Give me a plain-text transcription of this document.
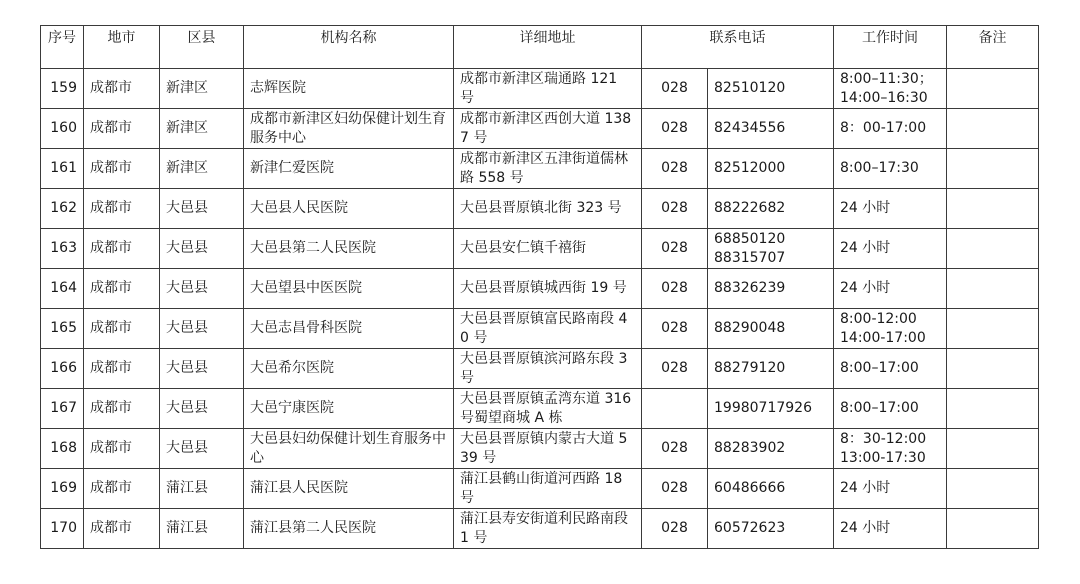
序号	地市	区县	机构名称	详细地址	联系电话		工作时间	备注
159	成都市	新津区	志辉医院	成都市新津区瑞通路 121 号	028	82510120	8:00–11:30；
14:00–16:30	
160	成都市	新津区	成都市新津区妇幼保健计划生育服务中心	成都市新津区西创大道 1387 号	028	82434556	8：00-17:00	
161	成都市	新津区	新津仁爱医院	成都市新津区五津街道儒林路 558 号	028	82512000	8:00–17:30	
162	成都市	大邑县	大邑县人民医院	大邑县晋原镇北街 323 号	028	88222682	24 小时	
163	成都市	大邑县	大邑县第二人民医院	大邑县安仁镇千禧街	028	68850120
88315707	24 小时	
164	成都市	大邑县	大邑望县中医医院	大邑县晋原镇城西街 19 号	028	88326239	24 小时	
165	成都市	大邑县	大邑志昌骨科医院	大邑县晋原镇富民路南段 40 号	028	88290048	8:00-12:00
14:00-17:00	
166	成都市	大邑县	大邑希尔医院	大邑县晋原镇滨河路东段 3 号	028	88279120	8:00–17:00	
167	成都市	大邑县	大邑宁康医院	大邑县晋原镇孟湾东道 316 号蜀望商城 A 栋		19980717926	8:00–17:00	
168	成都市	大邑县	大邑县妇幼保健计划生育服务中心	大邑县晋原镇内蒙古大道 539 号	028	88283902	8：30-12:00
13:00-17:30	
169	成都市	蒲江县	蒲江县人民医院	蒲江县鹤山街道河西路 18 号	028	60486666	24 小时	
170	成都市	蒲江县	蒲江县第二人民医院	蒲江县寿安街道利民路南段 1 号	028	60572623	24 小时	
